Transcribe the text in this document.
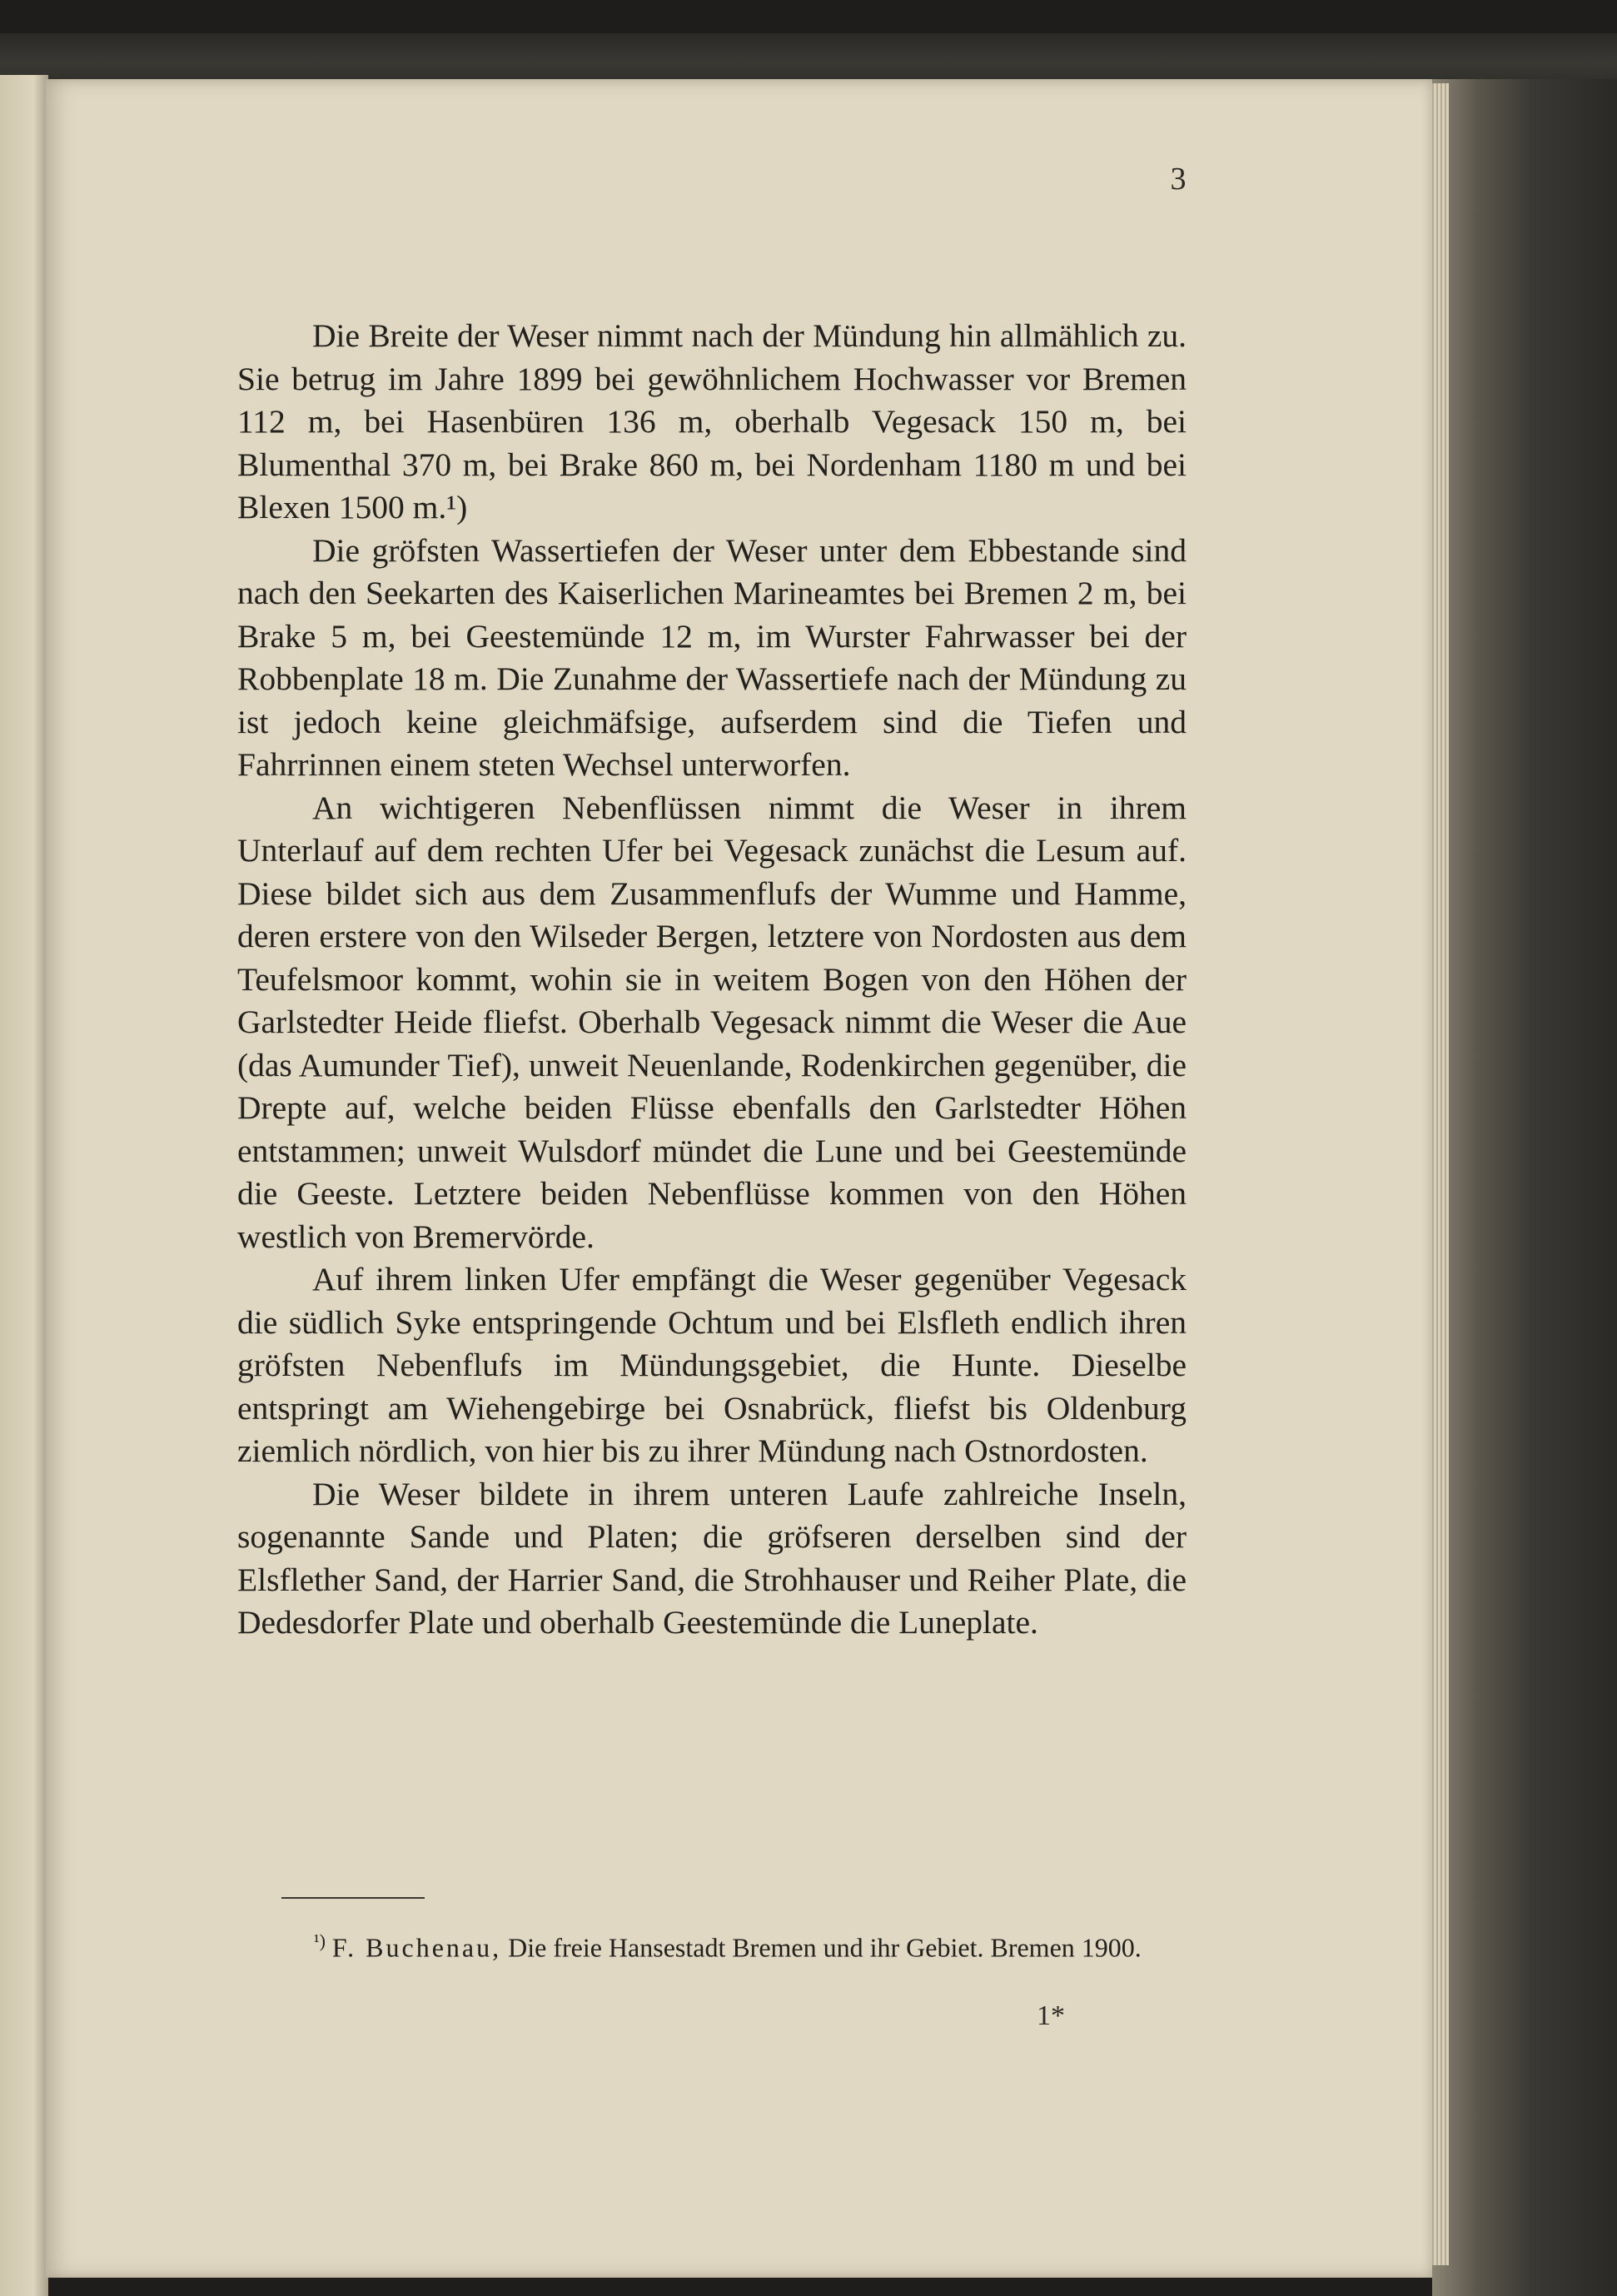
3

Die Breite der Weser nimmt nach der Mündung hin allmählich zu. Sie betrug im Jahre 1899 bei gewöhnlichem Hochwasser vor Bremen 112 m, bei Hasenbüren 136 m, oberhalb Vegesack 150 m, bei Blumenthal 370 m, bei Brake 860 m, bei Nordenham 1180 m und bei Blexen 1500 m.¹)

Die gröfsten Wassertiefen der Weser unter dem Ebbestande sind nach den Seekarten des Kaiserlichen Marineamtes bei Bremen 2 m, bei Brake 5 m, bei Geestemünde 12 m, im Wurster Fahrwasser bei der Robbenplate 18 m. Die Zunahme der Wassertiefe nach der Mündung zu ist jedoch keine gleichmäfsige, aufserdem sind die Tiefen und Fahrrinnen einem steten Wechsel unterworfen.

An wichtigeren Nebenflüssen nimmt die Weser in ihrem Unterlauf auf dem rechten Ufer bei Vegesack zunächst die Lesum auf. Diese bildet sich aus dem Zusammenflufs der Wumme und Hamme, deren erstere von den Wilseder Bergen, letztere von Nordosten aus dem Teufelsmoor kommt, wohin sie in weitem Bogen von den Höhen der Garlstedter Heide fliefst. Oberhalb Vegesack nimmt die Weser die Aue (das Aumunder Tief), unweit Neuenlande, Rodenkirchen gegenüber, die Drepte auf, welche beiden Flüsse ebenfalls den Garlstedter Höhen entstammen; unweit Wulsdorf mündet die Lune und bei Geestemünde die Geeste. Letztere beiden Nebenflüsse kommen von den Höhen westlich von Bremervörde.

Auf ihrem linken Ufer empfängt die Weser gegenüber Vegesack die südlich Syke entspringende Ochtum und bei Elsfleth endlich ihren gröfsten Nebenflufs im Mündungsgebiet, die Hunte. Dieselbe entspringt am Wiehengebirge bei Osnabrück, fliefst bis Oldenburg ziemlich nördlich, von hier bis zu ihrer Mündung nach Ostnordosten.

Die Weser bildete in ihrem unteren Laufe zahlreiche Inseln, sogenannte Sande und Platen; die gröfseren derselben sind der Elsflether Sand, der Harrier Sand, die Strohhauser und Reiher Plate, die Dedesdorfer Plate und oberhalb Geestemünde die Luneplate.

$^{^1)}$ F. Buchenau, Die freie Hansestadt Bremen und ihr Gebiet. Bremen 1900.
1*
